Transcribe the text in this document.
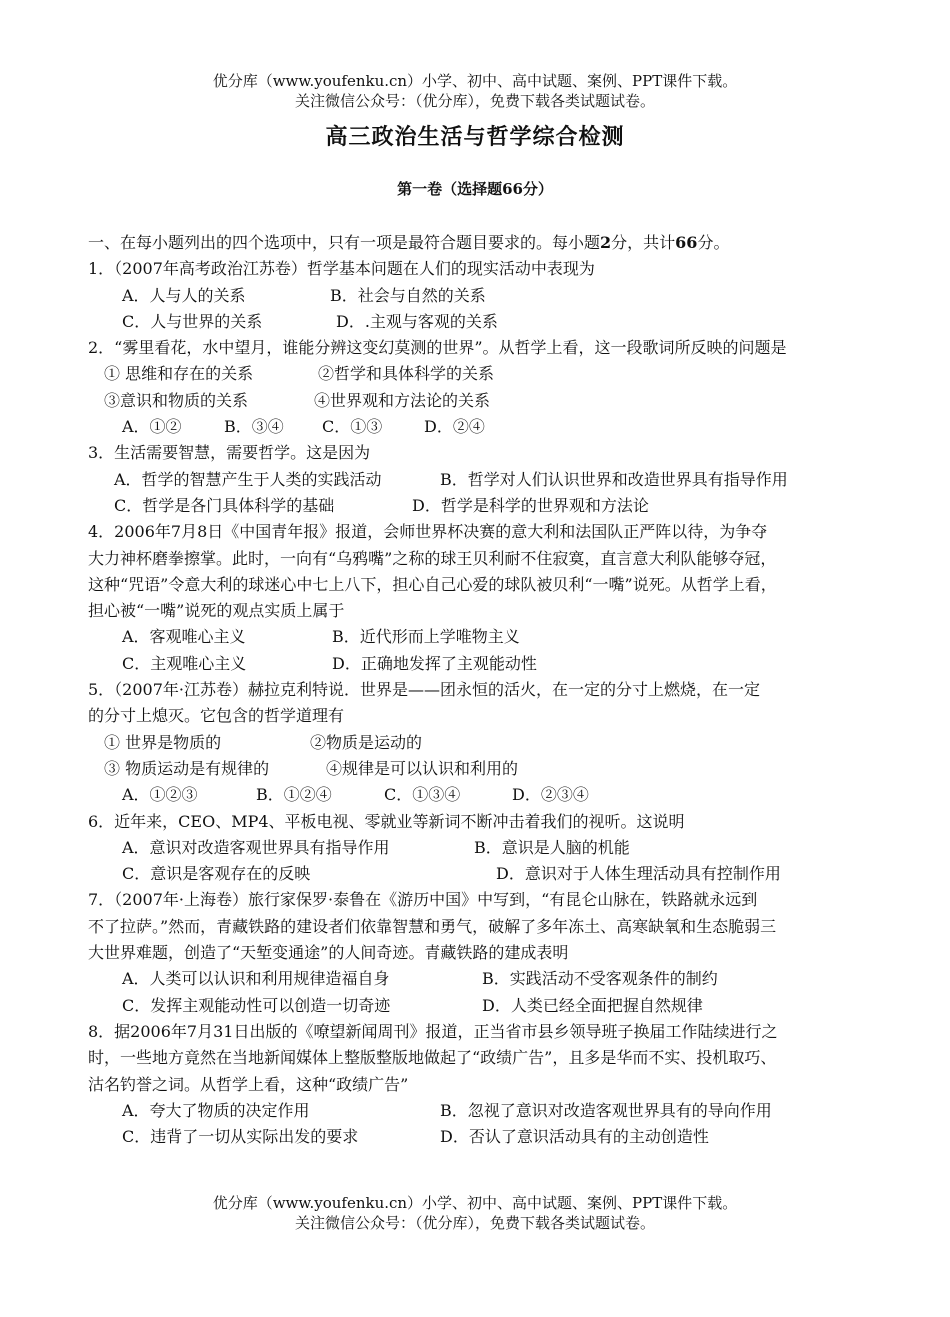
优分库（www.youfenku.cn）小学、初中、高中试题、案例、PPT课件下载。
关注微信公众号：（优分库），免费下载各类试题试卷。
高三政治生活与哲学综合检测
第一卷（选择题66分）
一、在每小题列出的四个选项中，只有一项是最符合题目要求的。每小题2分，共计66分。
1．（2007年高考政治江苏卷）哲学基本问题在人们的现实活动中表现为
A．人与人的关系	B．社会与自然的关系
C．人与世界的关系	D．.主观与客观的关系
2．“雾里看花，水中望月，谁能分辨这变幻莫测的世界”。从哲学上看，这一段歌词所反映的问题是
① 思维和存在的关系	②哲学和具体科学的关系
③意识和物质的关系	④世界观和方法论的关系
A．①②	B．③④ C．①③	D．②④
3．生活需要智慧，需要哲学。这是因为
A．哲学的智慧产生于人类的实践活动	B．哲学对人们认识世界和改造世界具有指导作用
C．哲学是各门具体科学的基础	D．哲学是科学的世界观和方法论
4．2006年7月8日《中国青年报》报道，会师世界杯决赛的意大利和法国队正严阵以待，为争夺
大力神杯磨拳擦掌。此时，一向有“乌鸦嘴”之称的球王贝利耐不住寂寞，直言意大利队能够夺冠，
这种“咒语”令意大利的球迷心中七上八下，担心自己心爱的球队被贝利“一嘴”说死。从哲学上看，
担心被“一嘴”说死的观点实质上属于
A．客观唯心主义	B．近代形而上学唯物主义
C．主观唯心主义	D．正确地发挥了主观能动性
5．（2007年·江苏卷）赫拉克利特说．世界是——团永恒的活火，在一定的分寸上燃烧，在一定
的分寸上熄灭。它包含的哲学道理有
① 世界是物质的	②物质是运动的
③ 物质运动是有规律的	④规律是可以认识和利用的
A．①②③	B．①②④	C．①③④	D．②③④
6．近年来，CEO、MP4、平板电视、零就业等新词不断冲击着我们的视听。这说明
A．意识对改造客观世界具有指导作用	B．意识是人脑的机能
C．意识是客观存在的反映	D．意识对于人体生理活动具有控制作用
7．（2007年·上海卷）旅行家保罗·泰鲁在《游历中国》中写到，“有昆仑山脉在，铁路就永远到
不了拉萨。”然而，青藏铁路的建设者们依靠智慧和勇气，破解了多年冻土、高寒缺氧和生态脆弱三
大世界难题，创造了“天堑变通途”的人间奇迹。青藏铁路的建成表明
A．人类可以认识和利用规律造福自身	B．实践活动不受客观条件的制约
C．发挥主观能动性可以创造一切奇迹	D．人类已经全面把握自然规律
8．据2006年7月31日出版的《嘹望新闻周刊》报道，正当省市县乡领导班子换届工作陆续进行之
时，一些地方竟然在当地新闻媒体上整版整版地做起了“政绩广告”，且多是华而不实、投机取巧、
沽名钓誉之词。从哲学上看，这种“政绩广告”
A．夸大了物质的决定作用	B．忽视了意识对改造客观世界具有的导向作用
C．违背了一切从实际出发的要求	D．否认了意识活动具有的主动创造性
优分库（www.youfenku.cn）小学、初中、高中试题、案例、PPT课件下载。
关注微信公众号：（优分库），免费下载各类试题试卷。
